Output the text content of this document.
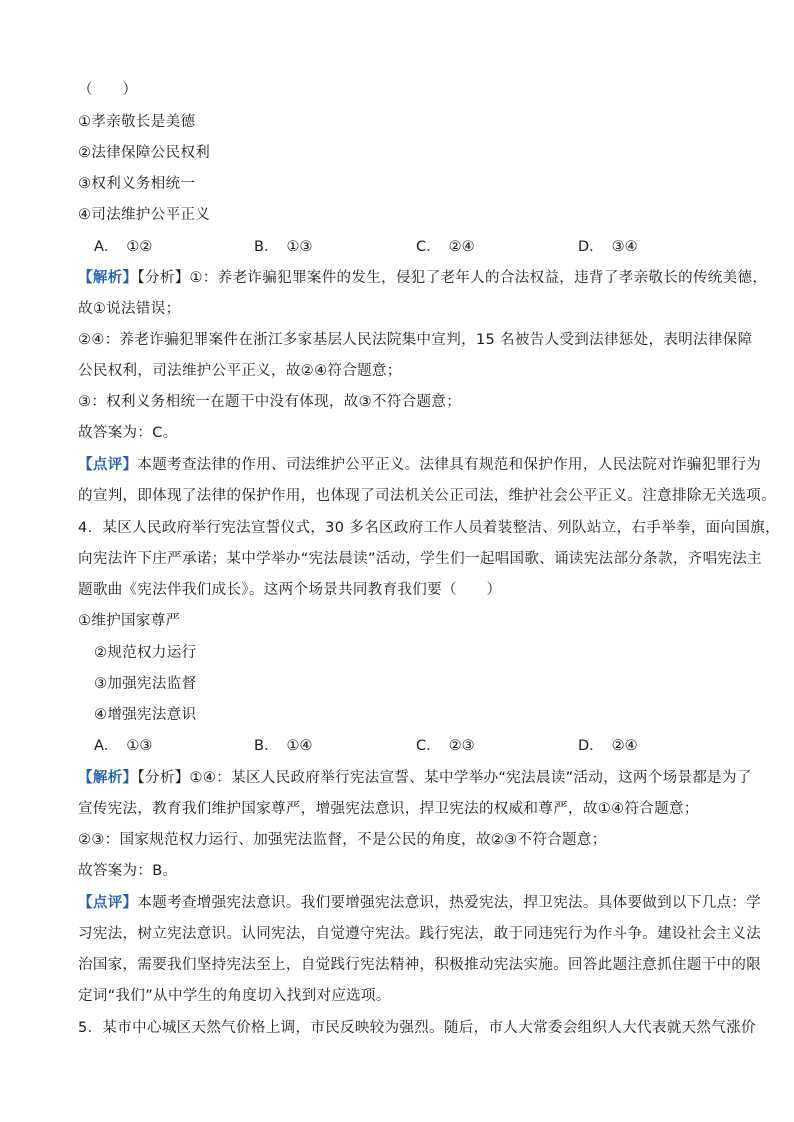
（　　）
①孝亲敬长是美德
②法律保障公民权利
③权利义务相统一
④司法维护公平正义
A． ①②	B． ①③	C． ②④	D． ③④
【解析】【分析】①：养老诈骗犯罪案件的发生，侵犯了老年人的合法权益，违背了孝亲敬长的传统美德，
故①说法错误；
②④：养老诈骗犯罪案件在浙江多家基层人民法院集中宣判，15 名被告人受到法律惩处，表明法律保障
公民权利，司法维护公平正义，故②④符合题意；
③：权利义务相统一在题干中没有体现，故③不符合题意；
故答案为：C。
【点评】本题考查法律的作用、司法维护公平正义。法律具有规范和保护作用，人民法院对诈骗犯罪行为
的宣判，即体现了法律的保护作用，也体现了司法机关公正司法，维护社会公平正义。注意排除无关选项。
4．某区人民政府举行宪法宣誓仪式，30 多名区政府工作人员着装整洁、列队站立，右手举拳，面向国旗，
向宪法许下庄严承诺；某中学举办“宪法晨读”活动，学生们一起唱国歌、诵读宪法部分条款，齐唱宪法主
题歌曲《宪法伴我们成长》。这两个场景共同教育我们要（　　）
①维护国家尊严
②规范权力运行
③加强宪法监督
④增强宪法意识
A． ①③	B． ①④	C． ②③	D． ②④
【解析】【分析】①④：某区人民政府举行宪法宣誓、某中学举办“宪法晨读”活动，这两个场景都是为了
宣传宪法，教育我们维护国家尊严，增强宪法意识，捍卫宪法的权威和尊严，故①④符合题意；
②③：国家规范权力运行、加强宪法监督，不是公民的角度，故②③不符合题意；
故答案为：B。
【点评】本题考查增强宪法意识。我们要增强宪法意识，热爱宪法，捍卫宪法。具体要做到以下几点：学
习宪法，树立宪法意识。认同宪法，自觉遵守宪法。践行宪法，敢于同违宪行为作斗争。建设社会主义法
治国家，需要我们坚持宪法至上，自觉践行宪法精神，积极推动宪法实施。回答此题注意抓住题干中的限
定词“我们”从中学生的角度切入找到对应选项。
5．某市中心城区天然气价格上调，市民反映较为强烈。随后，市人大常委会组织人大代表就天然气涨价
